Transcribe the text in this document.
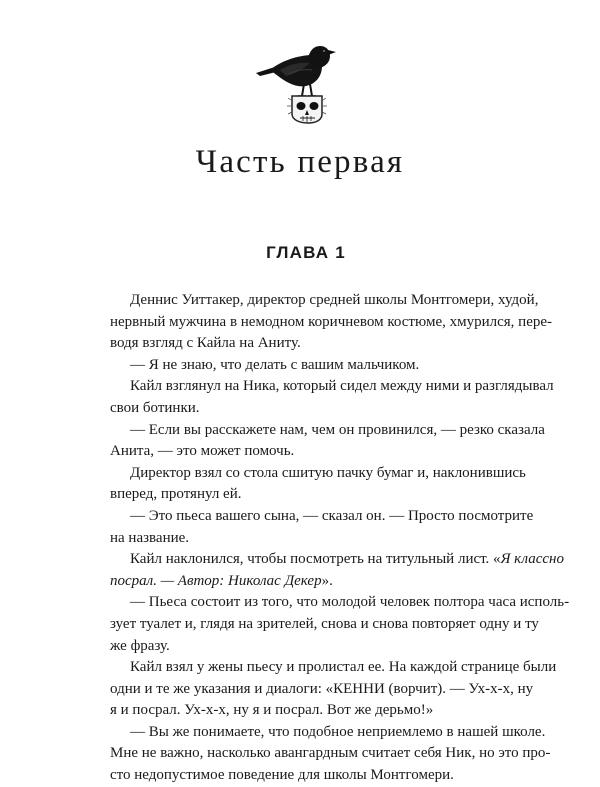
Часть первая
ГЛАВА 1
Деннис Уиттакер, директор средней школы Монтгомери, худой,
нервный мужчина в немодном коричневом костюме, хмурился, пере-
водя взгляд с Кайла на Аниту.
— Я не знаю, что делать с вашим мальчиком.
Кайл взглянул на Ника, который сидел между ними и разглядывал
свои ботинки.
— Если вы расскажете нам, чем он провинился, — резко сказала
Анита, — это может помочь.
Директор взял со стола сшитую пачку бумаг и, наклонившись
вперед, протянул ей.
— Это пьеса вашего сына, — сказал он. — Просто посмотрите
на название.
Кайл наклонился, чтобы посмотреть на титульный лист. «Я классно
посрал. — Автор: Николас Декер».
— Пьеса состоит из того, что молодой человек полтора часа исполь-
зует туалет и, глядя на зрителей, снова и снова повторяет одну и ту
же фразу.
Кайл взял у жены пьесу и пролистал ее. На каждой странице были
одни и те же указания и диалоги: «КЕННИ (ворчит). — Ух-х-х, ну
я и посрал. Ух-х-х, ну я и посрал. Вот же дерьмо!»
— Вы же понимаете, что подобное неприемлемо в нашей школе.
Мне не важно, насколько авангардным считает себя Ник, но это про-
сто недопустимое поведение для школы Монтгомери.
